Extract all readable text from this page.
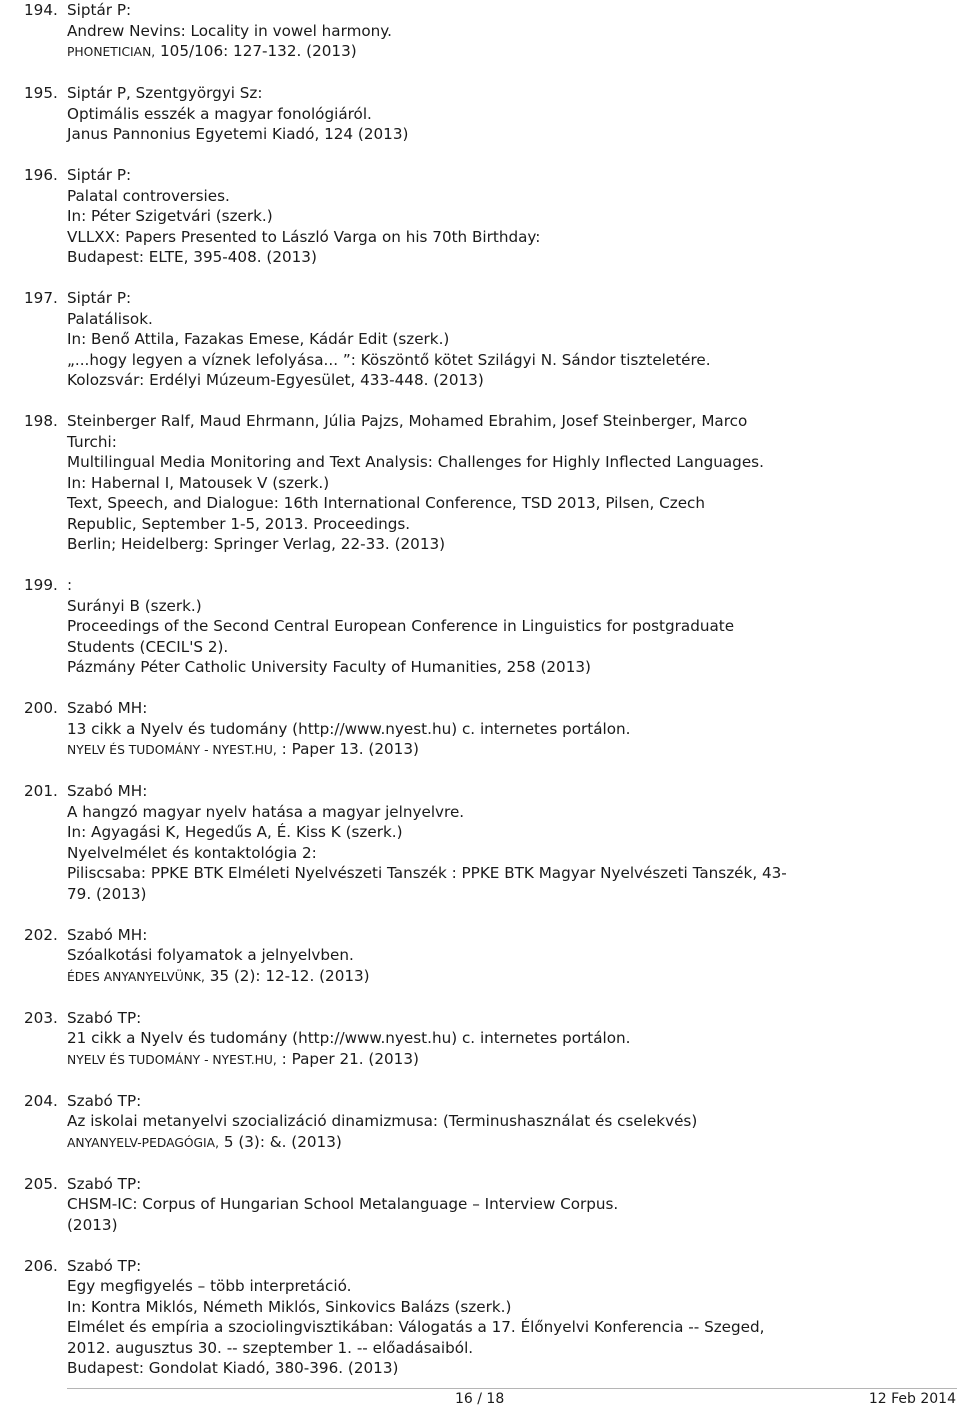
194. Siptár P:
Andrew Nevins: Locality in vowel harmony.
PHONETICIAN, 105/106: 127-132. (2013)
195. Siptár P, Szentgyörgyi Sz:
Optimális esszék a magyar fonológiáról.
Janus Pannonius Egyetemi Kiadó, 124 (2013)
196. Siptár P:
Palatal controversies.
In: Péter Szigetvári (szerk.)
VLLXX: Papers Presented to László Varga on his 70th Birthday:
Budapest: ELTE, 395-408. (2013)
197. Siptár P:
Palatálisok.
In: Benő Attila, Fazakas Emese, Kádár Edit (szerk.)
„...hogy legyen a víznek lefolyása... ”: Köszöntő kötet Szilágyi N. Sándor tiszteletére.
Kolozsvár: Erdélyi Múzeum-Egyesület, 433-448. (2013)
198. Steinberger Ralf, Maud Ehrmann, Júlia Pajzs, Mohamed Ebrahim, Josef Steinberger, Marco
Turchi:
Multilingual Media Monitoring and Text Analysis: Challenges for Highly Inflected Languages.
In: Habernal I, Matousek V (szerk.)
Text, Speech, and Dialogue: 16th International Conference, TSD 2013, Pilsen, Czech
Republic, September 1-5, 2013. Proceedings.
Berlin; Heidelberg: Springer Verlag, 22-33. (2013)
199. :
Surányi B (szerk.)
Proceedings of the Second Central European Conference in Linguistics for postgraduate
Students (CECIL'S 2).
Pázmány Péter Catholic University Faculty of Humanities, 258 (2013)
200. Szabó MH:
13 cikk a Nyelv és tudomány (http://www.nyest.hu) c. internetes portálon.
NYELV ÉS TUDOMÁNY - NYEST.HU, : Paper 13. (2013)
201. Szabó MH:
A hangzó magyar nyelv hatása a magyar jelnyelvre.
In: Agyagási K, Hegedűs A, É. Kiss K (szerk.)
Nyelvelmélet és kontaktológia 2:
Piliscsaba: PPKE BTK Elméleti Nyelvészeti Tanszék : PPKE BTK Magyar Nyelvészeti Tanszék, 43-
79. (2013)
202. Szabó MH:
Szóalkotási folyamatok a jelnyelvben.
ÉDES ANYANYELVÜNK, 35 (2): 12-12. (2013)
203. Szabó TP:
21 cikk a Nyelv és tudomány (http://www.nyest.hu) c. internetes portálon.
NYELV ÉS TUDOMÁNY - NYEST.HU, : Paper 21. (2013)
204. Szabó TP:
Az iskolai metanyelvi szocializáció dinamizmusa: (Terminushasználat és cselekvés)
ANYANYELV-PEDAGÓGIA, 5 (3): &. (2013)
205. Szabó TP:
CHSM-IC: Corpus of Hungarian School Metalanguage – Interview Corpus.
(2013)
206. Szabó TP:
Egy megfigyelés – több interpretáció.
In: Kontra Miklós, Németh Miklós, Sinkovics Balázs (szerk.)
Elmélet és empíria a szociolingvisztikában: Válogatás a 17. Élőnyelvi Konferencia -- Szeged,
2012. augusztus 30. -- szeptember 1. -- előadásaiból.
Budapest: Gondolat Kiadó, 380-396. (2013)
16 / 18	12 Feb 2014
